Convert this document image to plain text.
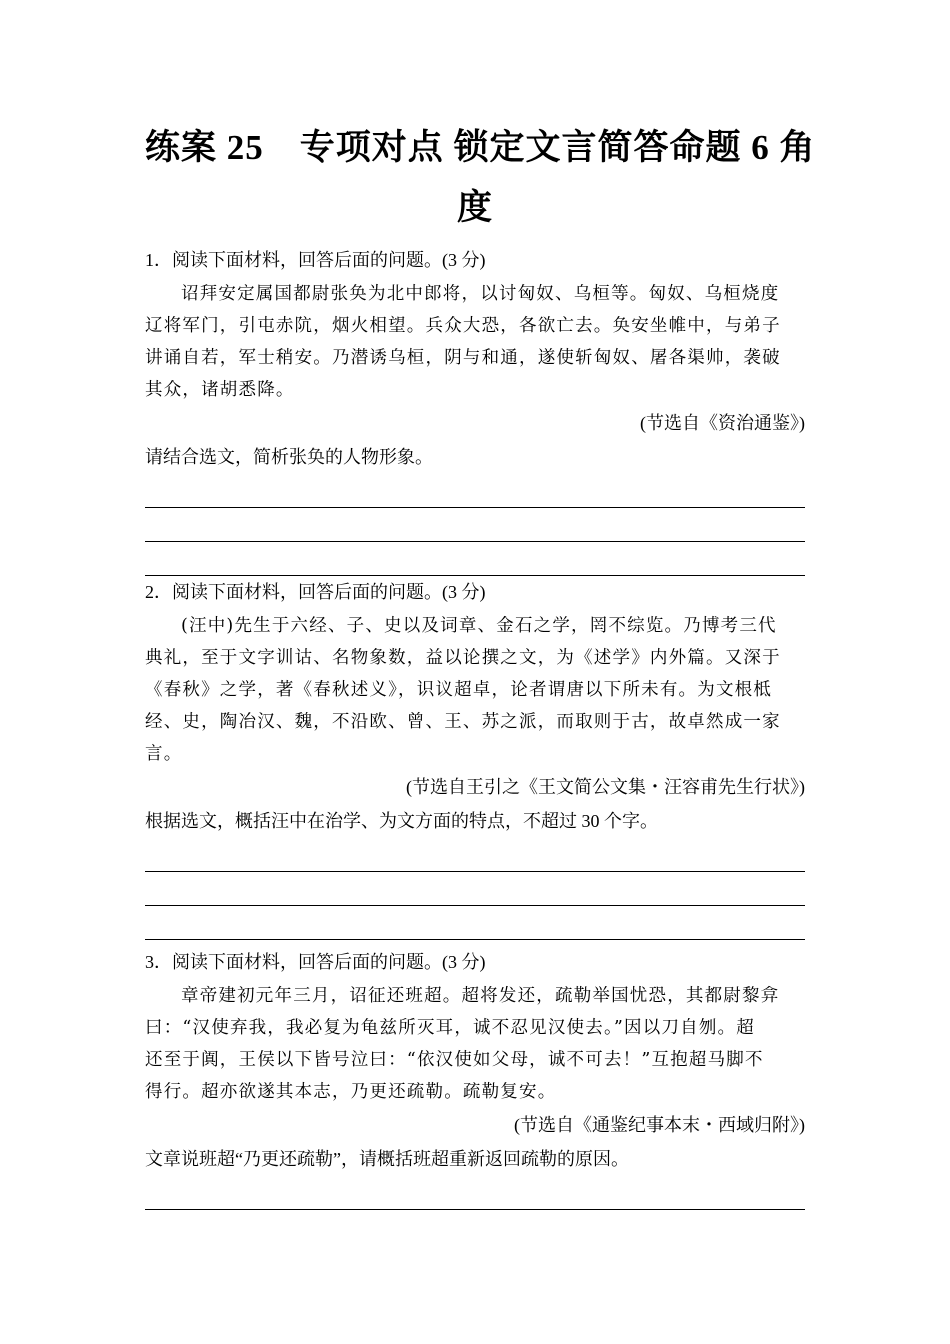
练案 25　专项对点 锁定文言简答命题 6 角
度
1．阅读下面材料，回答后面的问题。(3 分)
诏拜安定属国都尉张奂为北中郎将，以讨匈奴、乌桓等。匈奴、乌桓烧度
辽将军门，引屯赤阬，烟火相望。兵众大恐，各欲亡去。奂安坐帷中，与弟子
讲诵自若，军士稍安。乃潜诱乌桓，阴与和通，遂使斩匈奴、屠各渠帅，袭破
其众，诸胡悉降。
(节选自《资治通鉴》)
请结合选文，简析张奂的人物形象。
2．阅读下面材料，回答后面的问题。(3 分)
(汪中)先生于六经、子、史以及词章、金石之学，罔不综览。乃博考三代
典礼，至于文字训诂、名物象数，益以论撰之文，为《述学》内外篇。又深于
《春秋》之学，著《春秋述义》，识议超卓，论者谓唐以下所未有。为文根柢
经、史，陶冶汉、魏，不沿欧、曾、王、苏之派，而取则于古，故卓然成一家
言。
(节选自王引之《王文简公文集・汪容甫先生行状》)
根据选文，概括汪中在治学、为文方面的特点，不超过 30 个字。
3．阅读下面材料，回答后面的问题。(3 分)
章帝建初元年三月，诏征还班超。超将发还，疏勒举国忧恐，其都尉黎弇
曰：“汉使弃我，我必复为龟兹所灭耳，诚不忍见汉使去。”因以刀自刎。超
还至于阗，王侯以下皆号泣曰：“依汉使如父母，诚不可去！”互抱超马脚不
得行。超亦欲遂其本志，乃更还疏勒。疏勒复安。
(节选自《通鉴纪事本末・西域归附》)
文章说班超“乃更还疏勒”，请概括班超重新返回疏勒的原因。
